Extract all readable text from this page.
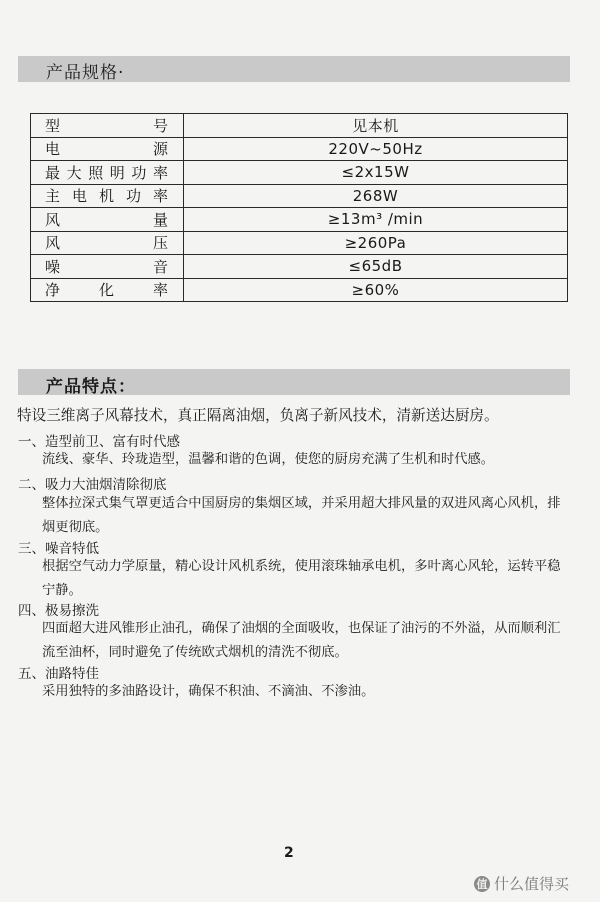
产品规格·
型号	见本机
电源	220V~50Hz
最大照明功率	≤2x15W
主电机功率	268W
风量	≥13m³ /min
风压	≥260Pa
噪音	≤65dB
净化率	≥60%
产品特点：
特设三维离子风幕技术，真正隔离油烟，负离子新风技术，清新送达厨房。
一、造型前卫、富有时代感
流线、豪华、玲珑造型，温馨和谐的色调，使您的厨房充满了生机和时代感。
二、吸力大油烟清除彻底
整体拉深式集气罩更适合中国厨房的集烟区域，并采用超大排风量的双进风离心风机，排烟更彻底。
三、噪音特低
根据空气动力学原量，精心设计风机系统，使用滚珠轴承电机，多叶离心风轮，运转平稳宁静。
四、极易擦洗
四面超大进风锥形止油孔，确保了油烟的全面吸收，也保证了油污的不外溢，从而顺利汇流至油杯，同时避免了传统欧式烟机的清洗不彻底。
五、油路特佳
采用独特的多油路设计，确保不积油、不滴油、不渗油。
2
值 什么值得买
